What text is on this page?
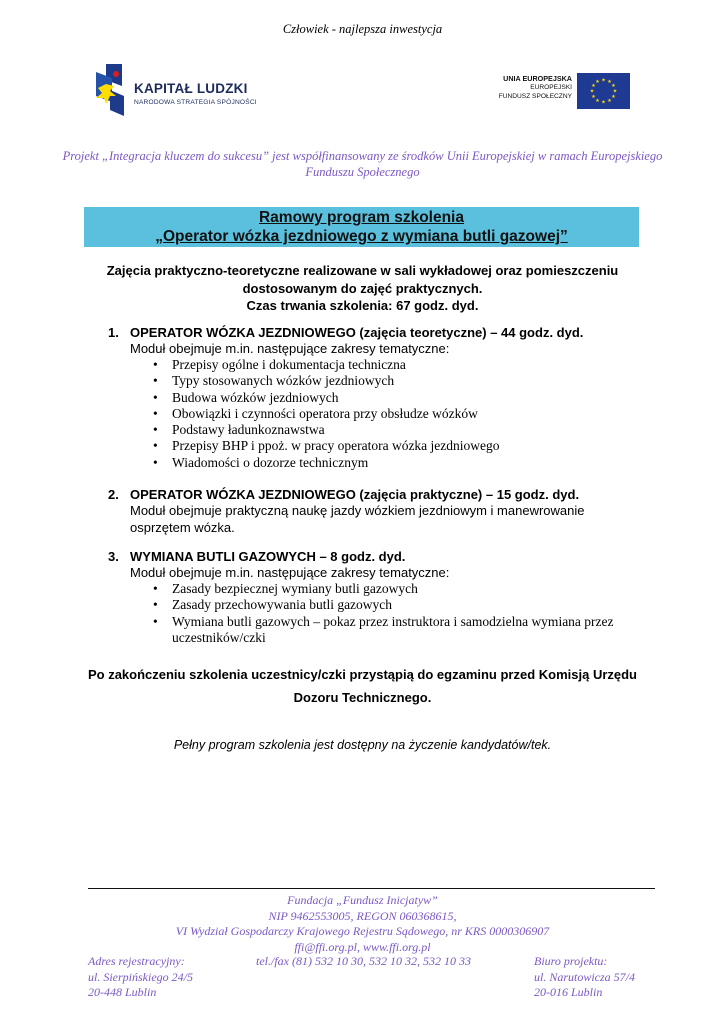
Człowiek - najlepsza inwestycja
KAPITAŁ LUDZKI
NARODOWA STRATEGIA SPÓJNOŚCI
UNIA EUROPEJSKA
EUROPEJSKI
FUNDUSZ SPOŁECZNY
★ ★
★
★
★
★
★
★
★
★
★
★
Projekt „Integracja kluczem do sukcesu” jest współfinansowany ze środków Unii Europejskiej w ramach Europejskiego
Funduszu Społecznego
Ramowy program szkolenia
„Operator wózka jezdniowego z wymiana butli gazowej”
Zajęcia praktyczno-teoretyczne realizowane w sali wykładowej oraz pomieszczeniu
dostosowanym do zajęć praktycznych.
Czas trwania szkolenia: 67 godz. dyd.
1. OPERATOR WÓZKA JEZDNIOWEGO (zajęcia teoretyczne) – 44 godz. dyd.
Moduł obejmuje m.in. następujące zakresy tematyczne:
• Przepisy ogólne i dokumentacja techniczna
• Typy stosowanych wózków jezdniowych
• Budowa wózków jezdniowych
• Obowiązki i czynności operatora przy obsłudze wózków
• Podstawy ładunkoznawstwa
• Przepisy BHP i ppoż. w pracy operatora wózka jezdniowego
• Wiadomości o dozorze technicznym
2. OPERATOR WÓZKA JEZDNIOWEGO (zajęcia praktyczne) – 15 godz. dyd.
Moduł obejmuje praktyczną naukę jazdy wózkiem jezdniowym i manewrowanie
osprzętem wózka.
3. WYMIANA BUTLI GAZOWYCH – 8 godz. dyd.
Moduł obejmuje m.in. następujące zakresy tematyczne:
• Zasady bezpiecznej wymiany butli gazowych
• Zasady przechowywania butli gazowych
• Wymiana butli gazowych – pokaz przez instruktora i samodzielna wymiana przez
uczestników/czki
Po zakończeniu szkolenia uczestnicy/czki przystąpią do egzaminu przed Komisją Urzędu
Dozoru Technicznego.
Pełny program szkolenia jest dostępny na życzenie kandydatów/tek.
Fundacja „Fundusz Inicjatyw”
NIP 9462553005, REGON 060368615,
VI Wydział Gospodarczy Krajowego Rejestru Sądowego, nr KRS 0000306907
ffi@ffi.org.pl, www.ffi.org.pl
Adres rejestracyjny:
ul. Sierpińskiego 24/5
20-448 Lublin
tel./fax (81) 532 10 30, 532 10 32, 532 10 33	Biuro projektu:
ul. Narutowicza 57/4
20-016 Lublin
